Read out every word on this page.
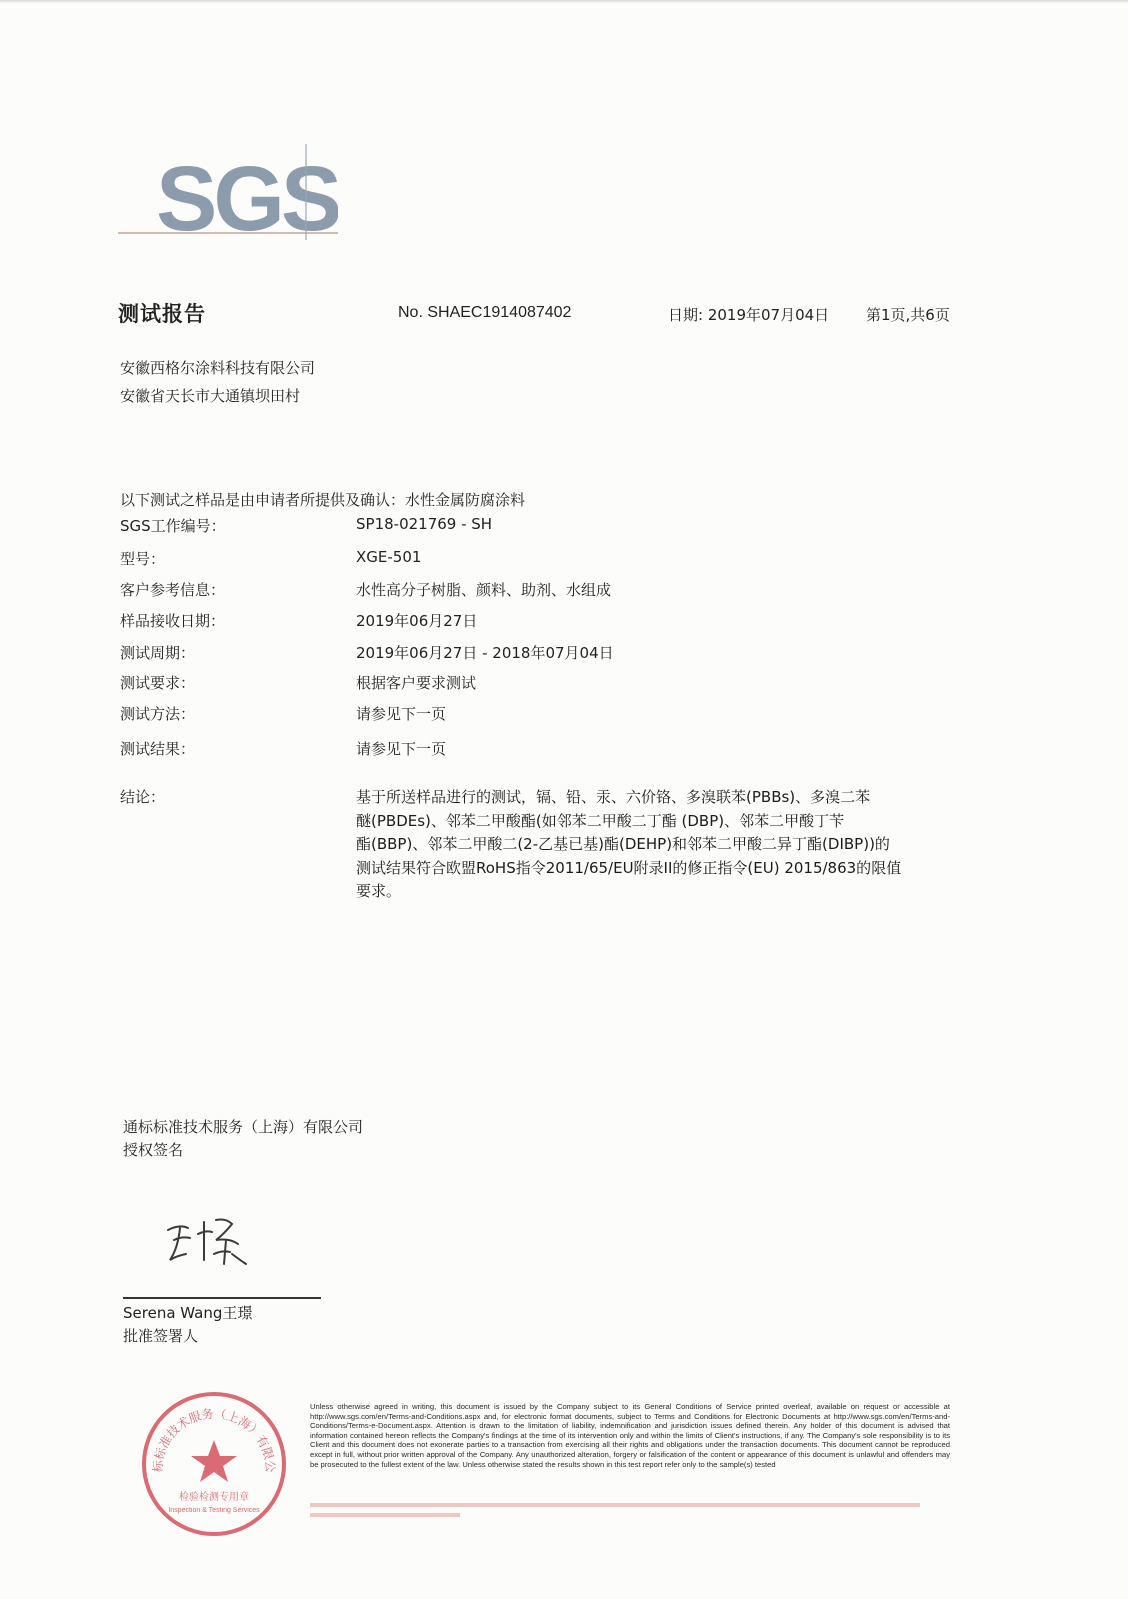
SGS
测试报告	No. SHAEC1914087402	日期: 2019年07月04日 第1页,共6页
安徽西格尔涂料科技有限公司
安徽省天长市大通镇坝田村
以下测试之样品是由申请者所提供及确认：水性金属防腐涂料
SGS工作编号：	SP18-021769 - SH
型号：	XGE-501
客户参考信息：	水性高分子树脂、颜料、助剂、水组成
样品接收日期：	2019年06月27日
测试周期：	2019年06月27日 - 2018年07月04日
测试要求：	根据客户要求测试
测试方法：	请参见下一页
测试结果：	请参见下一页
结论：	基于所送样品进行的测试，镉、铅、汞、六价铬、多溴联苯(PBBs)、多溴二苯
醚(PBDEs)、邻苯二甲酸酯(如邻苯二甲酸二丁酯 (DBP)、邻苯二甲酸丁苄
酯(BBP)、邻苯二甲酸二(2-乙基已基)酯(DEHP)和邻苯二甲酸二异丁酯(DIBP))的
测试结果符合欧盟RoHS指令2011/65/EU附录II的修正指令(EU) 2015/863的限值
要求。
通标标准技术服务（上海）有限公司
授权签名
Serena Wang王璟
批准签署人
标标准技术服务（上海）有限公
检验检测专用章
Inspection & Testing Services
Unless otherwise agreed in writing, this document is issued by the Company subject to its General Conditions of Service printed overleaf, available on request or accessible at http://www.sgs.com/en/Terms-and-Conditions.aspx and, for electronic format documents, subject to Terms and Conditions for Electronic Documents at http://www.sgs.com/en/Terms-and-Conditions/Terms-e-Document.aspx. Attention is drawn to the limitation of liability, indemnification and jurisdiction issues defined therein. Any holder of this document is advised that information contained hereon reflects the Company's findings at the time of its intervention only and within the limits of Client's instructions, if any. The Company's sole responsibility is to its Client and this document does not exonerate parties to a transaction from exercising all their rights and obligations under the transaction documents. This document cannot be reproduced except in full, without prior written approval of the Company. Any unauthorized alteration, forgery or falsification of the content or appearance of this document is unlawful and offenders may be prosecuted to the fullest extent of the law. Unless otherwise stated the results shown in this test report refer only to the sample(s) tested
